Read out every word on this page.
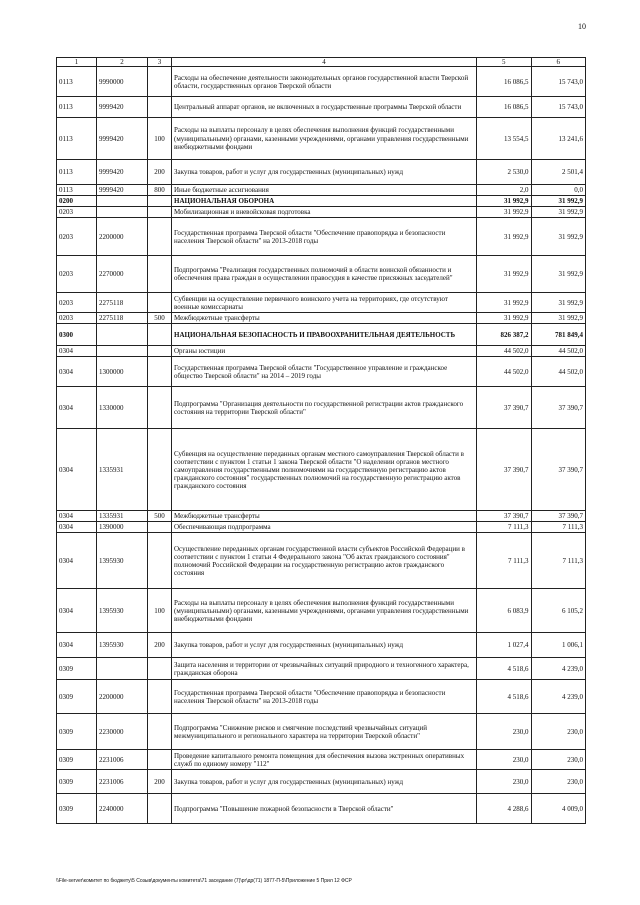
10
1	2	3	4	5	6
0113	9990000		Расходы на обеспечение деятельности законодательных органов государственной власти Тверской области, государственных органов Тверской области	16 086,5	15 743,0
0113	9999420		Центральный аппарат органов, не включенных в государственные программы Тверской области	16 086,5	15 743,0
0113	9999420	100	Расходы на выплаты персоналу в целях обеспечения выполнения функций государственными (муниципальными) органами, казенными учреждениями, органами управления государственными внебюджетными фондами	13 554,5	13 241,6
0113	9999420	200	Закупка товаров, работ и услуг для государственных (муниципальных) нужд	2 530,0	2 501,4
0113	9999420	800	Иные бюджетные ассигнования	2,0	0,0
0200			НАЦИОНАЛЬНАЯ ОБОРОНА	31 992,9	31 992,9
0203			Мобилизационная и вневойсковая подготовка	31 992,9	31 992,9
0203	2200000		Государственная программа Тверской области "Обеспечение правопорядка и безопасности населения Тверской области" на 2013-2018 годы	31 992,9	31 992,9
0203	2270000		Подпрограмма "Реализация государственных полномочий в области воинской обязанности и обеспечения права граждан в осуществлении правосудия в качестве присяжных заседателей"	31 992,9	31 992,9
0203	2275118		Субвенции на осуществление первичного воинского учета на территориях, где отсутствуют военные комиссариаты	31 992,9	31 992,9
0203	2275118	500	Межбюджетные трансферты	31 992,9	31 992,9
0300			НАЦИОНАЛЬНАЯ БЕЗОПАСНОСТЬ И ПРАВООХРАНИТЕЛЬНАЯ ДЕЯТЕЛЬНОСТЬ	826 387,2	781 849,4
0304			Органы юстиции	44 502,0	44 502,0
0304	1300000		Государственная программа Тверской области "Государственное управление и гражданское общество Тверской области" на 2014 – 2019 годы	44 502,0	44 502,0
0304	1330000		Подпрограмма "Организация деятельности по государственной регистрации актов гражданского состояния на территории Тверской области"	37 390,7	37 390,7
0304	1335931		Субвенция на осуществление переданных органам местного самоуправления Тверской области в соответствии с пунктом 1 статьи 1 закона Тверской области "О наделении органов местного самоуправления государственными полномочиями на государственную регистрацию актов гражданского состояния" государственных полномочий на государственную регистрацию актов гражданского состояния	37 390,7	37 390,7
0304	1335931	500	Межбюджетные трансферты	37 390,7	37 390,7
0304	1390000		Обеспечивающая подпрограмма	7 111,3	7 111,3
0304	1395930		Осуществление переданных органам государственной власти субъектов Российской Федерации в соответствии с пунктом 1 статьи 4 Федерального закона "Об актах гражданского состояния" полномочий Российской Федерации на государственную регистрацию актов гражданского состояния	7 111,3	7 111,3
0304	1395930	100	Расходы на выплаты персоналу в целях обеспечения выполнения функций государственными (муниципальными) органами, казенными учреждениями, органами управления государственными внебюджетными фондами	6 083,9	6 105,2
0304	1395930	200	Закупка товаров, работ и услуг для государственных (муниципальных) нужд	1 027,4	1 006,1
0309			Защита населения и территории от чрезвычайных ситуаций природного и техногенного характера, гражданская оборона	4 518,6	4 239,0
0309	2200000		Государственная программа Тверской области "Обеспечение правопорядка и безопасности населения Тверской области" на 2013-2018 годы	4 518,6	4 239,0
0309	2230000		Подпрограмма "Снижение рисков и смягчение последствий чрезвычайных ситуаций межмуниципального и регионального характера на территории Тверской области"	230,0	230,0
0309	2231006		Проведение капитального ремонта помещения для обеспечения вызова экстренных оперативных служб по единому номеру "112"	230,0	230,0
0309	2231006	200	Закупка товаров, работ и услуг для государственных (муниципальных) нужд	230,0	230,0
0309	2240000		Подпрограмма "Повышение пожарной безопасности в Тверской области"	4 288,6	4 009,0
\\File-server\комитет по бюджету\5 Созыв\документы комитета\71 заседание (7)\pr\др(71) 1877-П-5\Приложение 5 Прил 12 ФСР
